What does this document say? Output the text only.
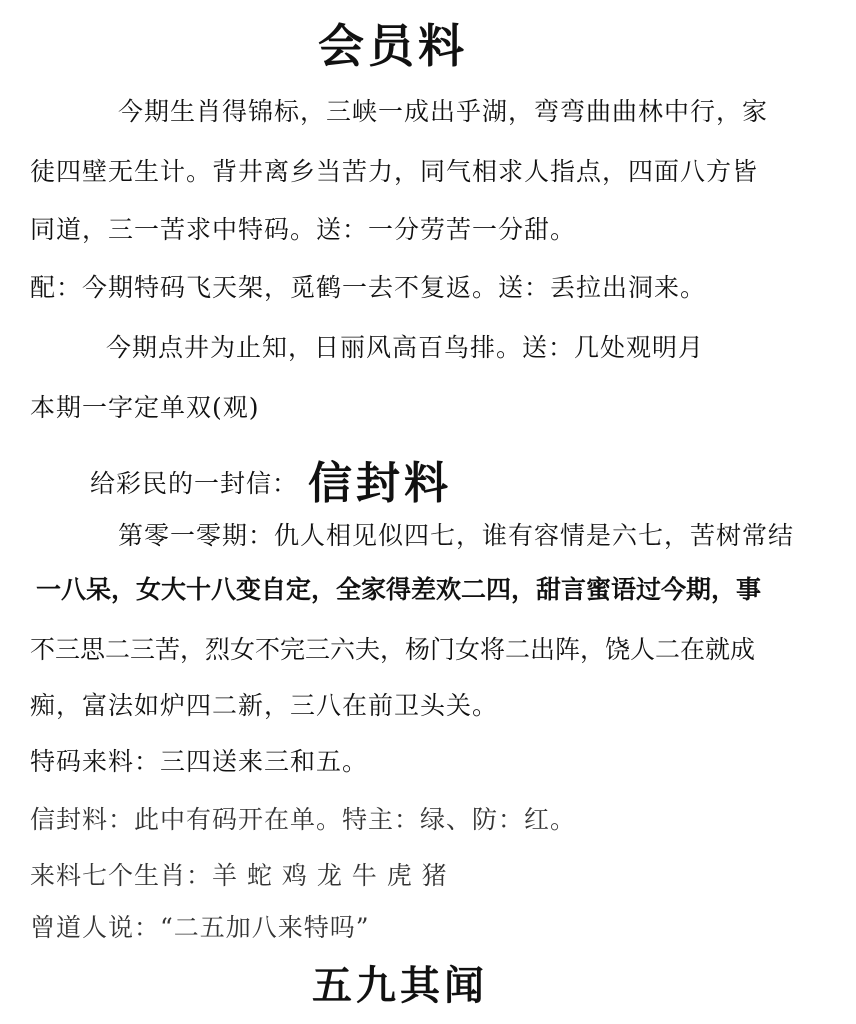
会员料
今期生肖得锦标，三峡一成出乎湖，弯弯曲曲林中行，家
徒四壁无生计。背井离乡当苦力，同气相求人指点，四面八方皆
同道，三一苦求中特码。送：一分劳苦一分甜。
配：今期特码飞天架，觅鹤一去不复返。送：丢拉出洞来。
今期点井为止知，日丽风高百鸟排。送：几处观明月
本期一字定单双(观)
给彩民的一封信： 信封料
第零一零期：仇人相见似四七，谁有容情是六七，苦树常结
一八呆，女大十八变自定，全家得差欢二四，甜言蜜语过今期，事
不三思二三苦，烈女不完三六夫，杨门女将二出阵，饶人二在就成
痴，富法如炉四二新，三八在前卫头关。
特码来料：三四送来三和五。
信封料：此中有码开在单。特主：绿、防：红。
来料七个生肖：羊 蛇 鸡 龙 牛 虎 猪
曾道人说：“二五加八来特吗”
五九其闻
